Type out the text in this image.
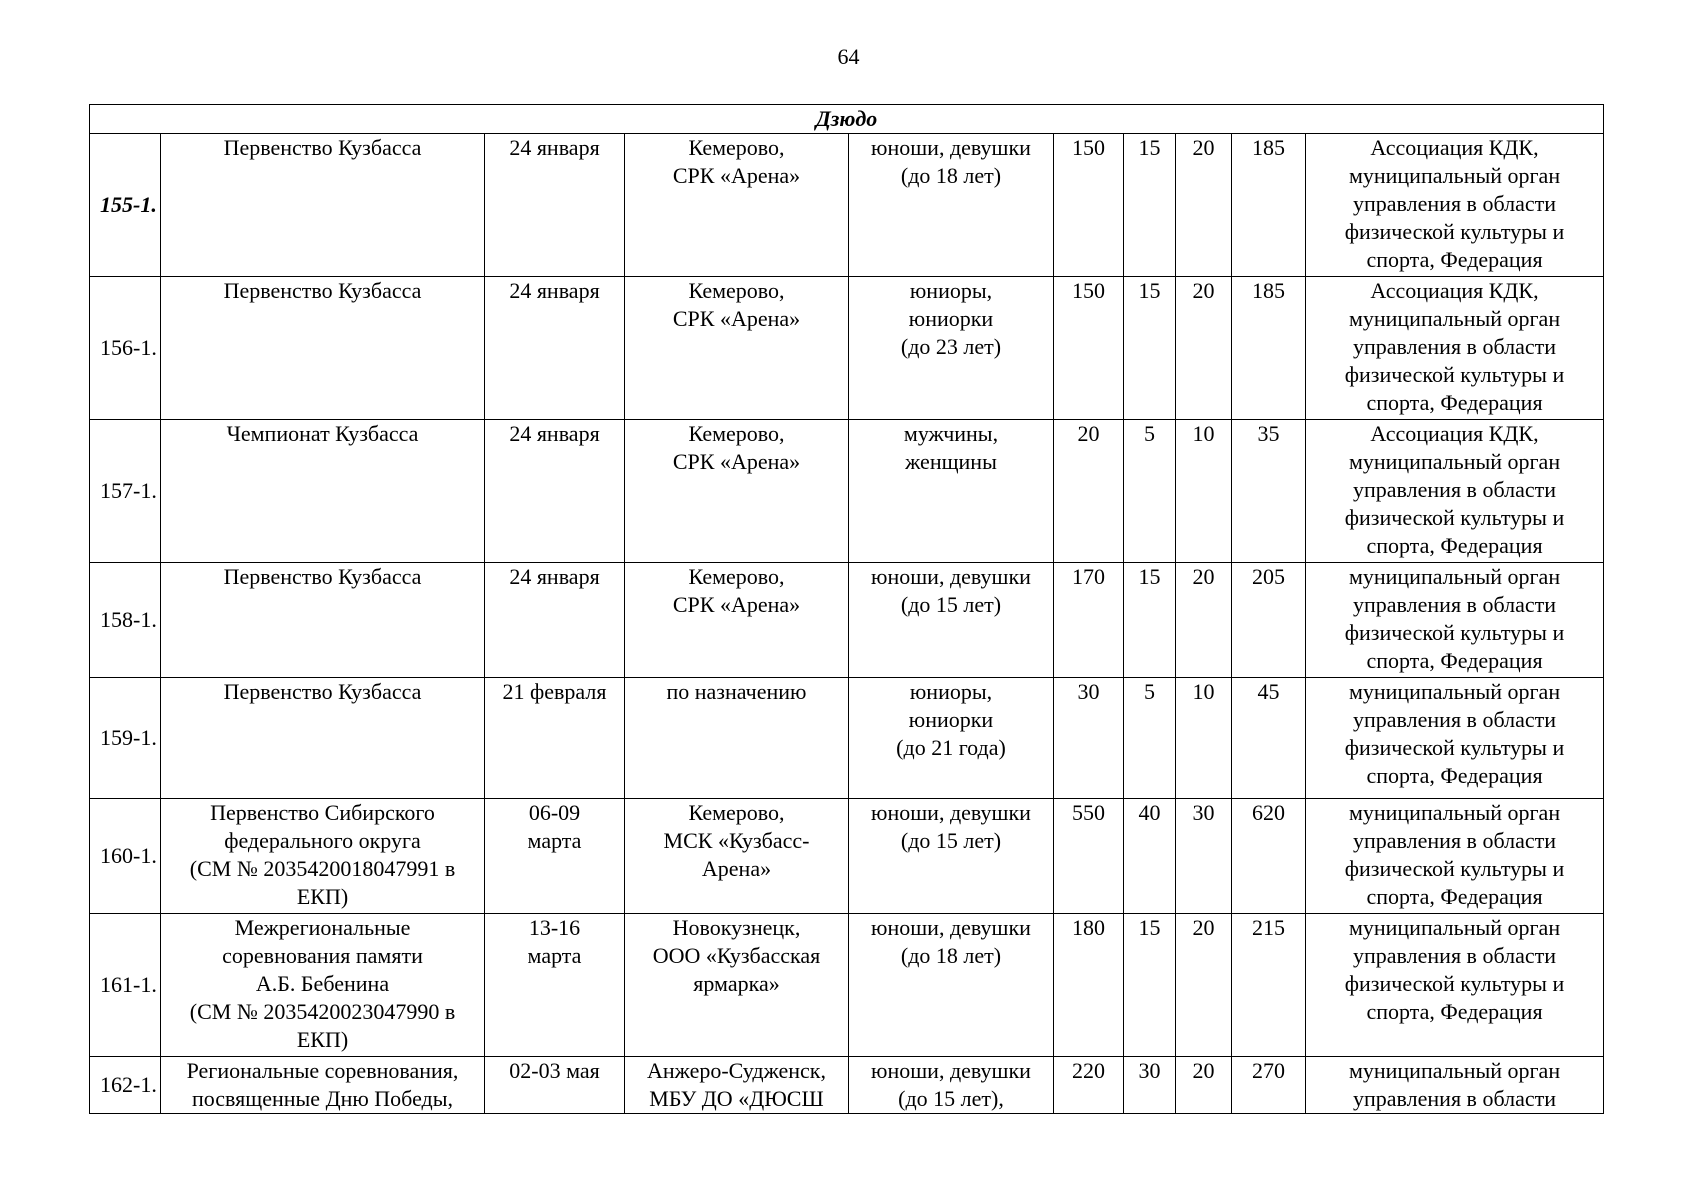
64
Дзюдо									
155-1.	Первенство Кузбасса	24 января	Кемерово,
СРК «Арена»	юноши, девушки
(до 18 лет)	150	15	20	185	Ассоциация КДК,
муниципальный орган
управления в области
физической культуры и
спорта, Федерация

156-1.	Первенство Кузбасса	24 января	Кемерово,
СРК «Арена»	юниоры,
юниорки
(до 23 лет)	150	15	20	185	Ассоциация КДК,
муниципальный орган
управления в области
физической культуры и
спорта, Федерация

157-1.	Чемпионат Кузбасса	24 января	Кемерово,
СРК «Арена»	мужчины,
женщины	20	5	10	35	Ассоциация КДК,
муниципальный орган
управления в области
физической культуры и
спорта, Федерация

158-1.	Первенство Кузбасса	24 января	Кемерово,
СРК «Арена»	юноши, девушки
(до 15 лет)	170	15	20	205	муниципальный орган
управления в области
физической культуры и
спорта, Федерация

159-1.	Первенство Кузбасса	21 февраля	по назначению	юниоры,
юниорки
(до 21 года)	30	5	10	45	муниципальный орган
управления в области
физической культуры и
спорта, Федерация

160-1.	Первенство Сибирского
федерального округа
(СМ № 2035420018047991 в
ЕКП)	06-09
марта	Кемерово,
МСК «Кузбасс-
Арена»	юноши, девушки
(до 15 лет)	550	40	30	620	муниципальный орган
управления в области
физической культуры и
спорта, Федерация

161-1.	Межрегиональные
соревнования памяти
А.Б. Бебенина
(СМ № 2035420023047990 в
ЕКП)	13-16
марта	Новокузнецк,
ООО «Кузбасская
ярмарка»	юноши, девушки
(до 18 лет)	180	15	20	215	муниципальный орган
управления в области
физической культуры и
спорта, Федерация

162-1.	Региональные соревнования,
посвященные Дню Победы,	02-03 мая	Анжеро-Судженск,
МБУ ДО «ДЮСШ	юноши, девушки
(до 15 лет),	220	30	20	270	муниципальный орган
управления в области
